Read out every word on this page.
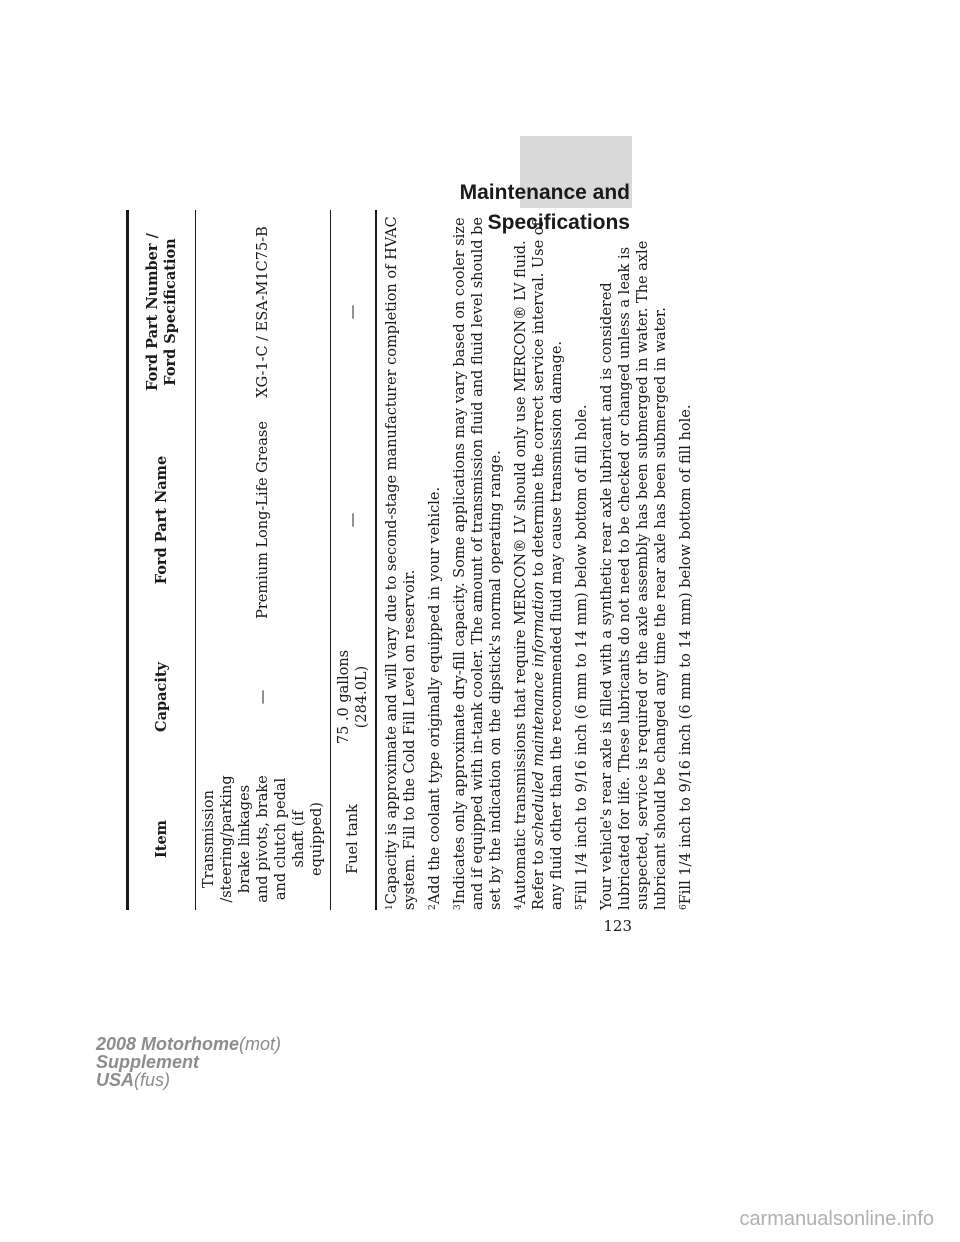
Maintenance and Specifications
Item	Capacity	Ford Part Name	Ford Part Number / Ford Specification
Transmission /steering/parking brake linkages and pivots, brake and clutch pedal shaft (if equipped)	—	Premium Long-Life Grease	XG-1-C / ESA-M1C75-B
Fuel tank	75 .0 gallons (284.0L)	—	—

$^1$Capacity is approximate and will vary due to second-stage manufacturer completion of HVAC system. Fill to the Cold Fill Level on reservoir. $^2$Add the coolant type originally equipped in your vehicle.

$^3$Indicates only approximate dry-fill capacity. Some applications may vary based on cooler size and if equipped with in-tank cooler. The amount of transmission fluid and fluid level should be set by the indication on the dipstick's normal operating range. $^4$Automatic transmissions that require MERCON® LV should only use MERCON® LV fluid. Refer to scheduled maintenance information to determine the correct service interval. Use of any fluid other than the recommended fluid may cause transmission damage. $^5$Fill 1/4 inch to 9/16 inch (6 mm to 14 mm) below bottom of fill hole. Your vehicle's rear axle is filled with a synthetic rear axle lubricant and is considered lubricated for life. These lubricants do not need to be checked or changed unless a leak is suspected, service is required or the axle assembly has been submerged in water. The axle lubricant should be changed any time the rear axle has been submerged in water. $^6$Fill 1/4 inch to 9/16 inch (6 mm to 14 mm) below bottom of fill hole.

123
2008 Motorhome(mot)
Supplement
USA(fus)
carmanualsonline.info
